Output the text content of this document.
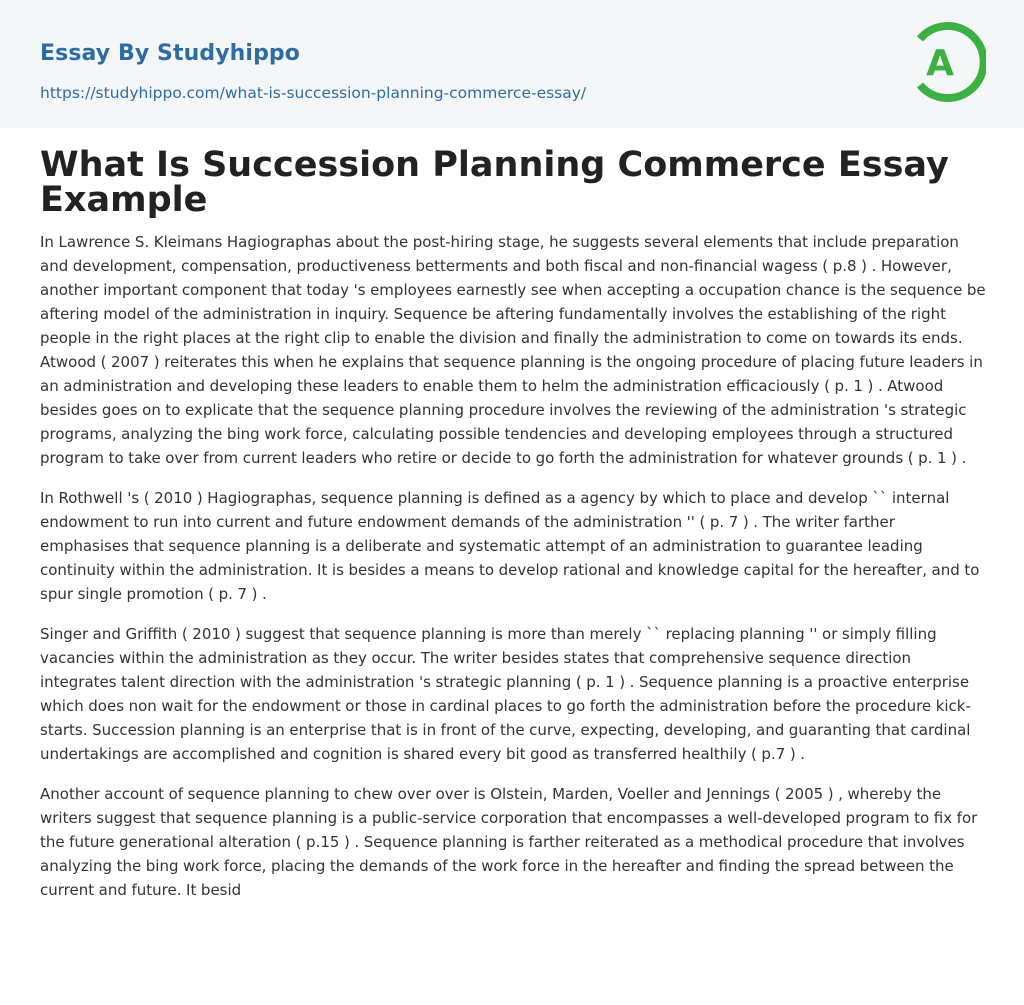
Essay By Studyhippo
https://studyhippo.com/what-is-succession-planning-commerce-essay/
A
What Is Succession Planning Commerce Essay Example

In Lawrence S. Kleimans Hagiographas about the post-hiring stage, he suggests several elements that include preparation and development, compensation, productiveness betterments and both fiscal and non-financial wagess ( p.8 ) . However, another important component that today 's employees earnestly see when accepting a occupation chance is the sequence be aftering model of the administration in inquiry. Sequence be aftering fundamentally involves the establishing of the right people in the right places at the right clip to enable the division and finally the administration to come on towards its ends. Atwood ( 2007 ) reiterates this when he explains that sequence planning is the ongoing procedure of placing future leaders in an administration and developing these leaders to enable them to helm the administration efficaciously ( p. 1 ) . Atwood besides goes on to explicate that the sequence planning procedure involves the reviewing of the administration 's strategic programs, analyzing the bing work force, calculating possible tendencies and developing employees through a structured program to take over from current leaders who retire or decide to go forth the administration for whatever grounds ( p. 1 ) .

In Rothwell 's ( 2010 ) Hagiographas, sequence planning is defined as a agency by which to place and develop `` internal endowment to run into current and future endowment demands of the administration '' ( p. 7 ) . The writer farther emphasises that sequence planning is a deliberate and systematic attempt of an administration to guarantee leading continuity within the administration. It is besides a means to develop rational and knowledge capital for the hereafter, and to spur single promotion ( p. 7 ) .

Singer and Griffith ( 2010 ) suggest that sequence planning is more than merely `` replacing planning '' or simply filling vacancies within the administration as they occur. The writer besides states that comprehensive sequence direction integrates talent direction with the administration 's strategic planning ( p. 1 ) . Sequence planning is a proactive enterprise which does non wait for the endowment or those in cardinal places to go forth the administration before the procedure kick-starts. Succession planning is an enterprise that is in front of the curve, expecting, developing, and guaranting that cardinal undertakings are accomplished and cognition is shared every bit good as transferred healthily ( p.7 ) .

Another account of sequence planning to chew over over is Olstein, Marden, Voeller and Jennings ( 2005 ) , whereby the writers suggest that sequence planning is a public-service corporation that encompasses a well-developed program to fix for the future generational alteration ( p.15 ) . Sequence planning is farther reiterated as a methodical procedure that involves analyzing the bing work force, placing the demands of the work force in the hereafter and finding the spread between the current and future. It besid
